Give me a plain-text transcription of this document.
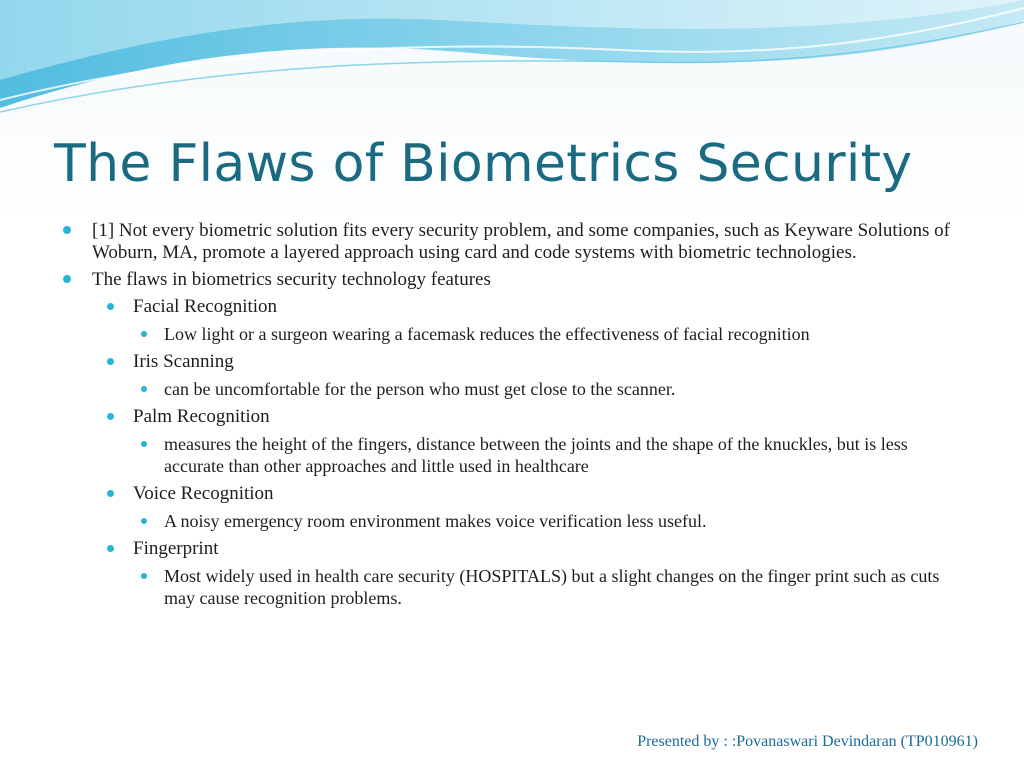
The Flaws of Biometrics Security
[1] Not every biometric solution fits every security problem, and some companies, such as Keyware Solutions of Woburn, MA, promote a layered approach using card and code systems with biometric technologies.
The flaws in biometrics security technology features
Facial Recognition
Low light or a surgeon wearing a facemask reduces the effectiveness of facial recognition
Iris Scanning
can be uncomfortable for the person who must get close to the scanner.
Palm Recognition
measures the height of the fingers, distance between the joints and the shape of the knuckles, but is less accurate than other approaches and little used in healthcare
Voice Recognition
A noisy emergency room environment makes voice verification less useful.
Fingerprint
Most widely used in health care security (HOSPITALS) but a slight changes on the finger print such as cuts may cause recognition problems.
Presented by : :Povanaswari Devindaran (TP010961)
